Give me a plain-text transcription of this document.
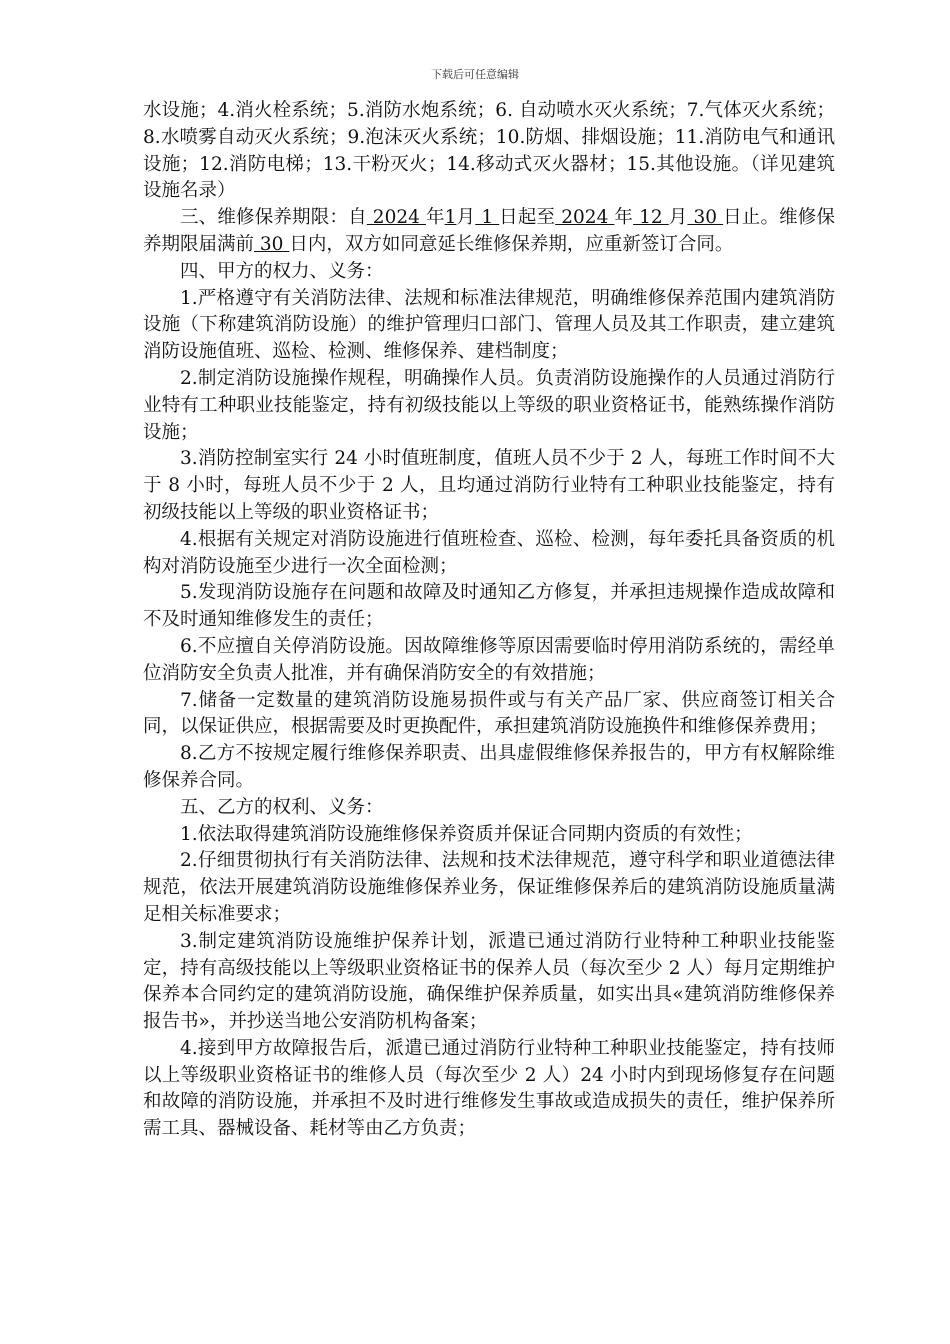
下载后可任意编辑

水设施；4.消火栓系统；5.消防水炮系统；6. 自动喷水灭火系统；7.气体灭火系统；8.水喷雾自动灭火系统；9.泡沫灭火系统；10.防烟、排烟设施；11.消防电气和通讯设施；12.消防电梯；13.干粉灭火；14.移动式灭火器材；15.其他设施。（详见建筑设施名录）

三、维修保养期限：自 2024 年1月 1 日起至 2024 年 12 月 30 日止。维修保养期限届满前 30 日内，双方如同意延长维修保养期，应重新签订合同。

四、甲方的权力、义务：

1.严格遵守有关消防法律、法规和标准法律规范，明确维修保养范围内建筑消防设施（下称建筑消防设施）的维护管理归口部门、管理人员及其工作职责，建立建筑消防设施值班、巡检、检测、维修保养、建档制度；

2.制定消防设施操作规程，明确操作人员。负责消防设施操作的人员通过消防行业特有工种职业技能鉴定，持有初级技能以上等级的职业资格证书，能熟练操作消防设施；

3.消防控制室实行 24 小时值班制度，值班人员不少于 2 人，每班工作时间不大于 8 小时，每班人员不少于 2 人，且均通过消防行业特有工种职业技能鉴定，持有初级技能以上等级的职业资格证书；

4.根据有关规定对消防设施进行值班检查、巡检、检测，每年委托具备资质的机构对消防设施至少进行一次全面检测；

5.发现消防设施存在问题和故障及时通知乙方修复，并承担违规操作造成故障和不及时通知维修发生的责任；

6.不应擅自关停消防设施。因故障维修等原因需要临时停用消防系统的，需经单位消防安全负责人批准，并有确保消防安全的有效措施；

7.储备一定数量的建筑消防设施易损件或与有关产品厂家、供应商签订相关合同，以保证供应，根据需要及时更换配件，承担建筑消防设施换件和维修保养费用；

8.乙方不按规定履行维修保养职责、出具虚假维修保养报告的，甲方有权解除维修保养合同。

五、乙方的权利、义务：

1.依法取得建筑消防设施维修保养资质并保证合同期内资质的有效性；

2.仔细贯彻执行有关消防法律、法规和技术法律规范，遵守科学和职业道德法律规范，依法开展建筑消防设施维修保养业务，保证维修保养后的建筑消防设施质量满足相关标准要求；

3.制定建筑消防设施维护保养计划，派遣已通过消防行业特种工种职业技能鉴定，持有高级技能以上等级职业资格证书的保养人员（每次至少 2 人）每月定期维护保养本合同约定的建筑消防设施，确保维护保养质量，如实出具«建筑消防维修保养报告书»，并抄送当地公安消防机构备案；

4.接到甲方故障报告后，派遣已通过消防行业特种工种职业技能鉴定，持有技师以上等级职业资格证书的维修人员（每次至少 2 人）24 小时内到现场修复存在问题和故障的消防设施，并承担不及时进行维修发生事故或造成损失的责任，维护保养所需工具、器械设备、耗材等由乙方负责；
